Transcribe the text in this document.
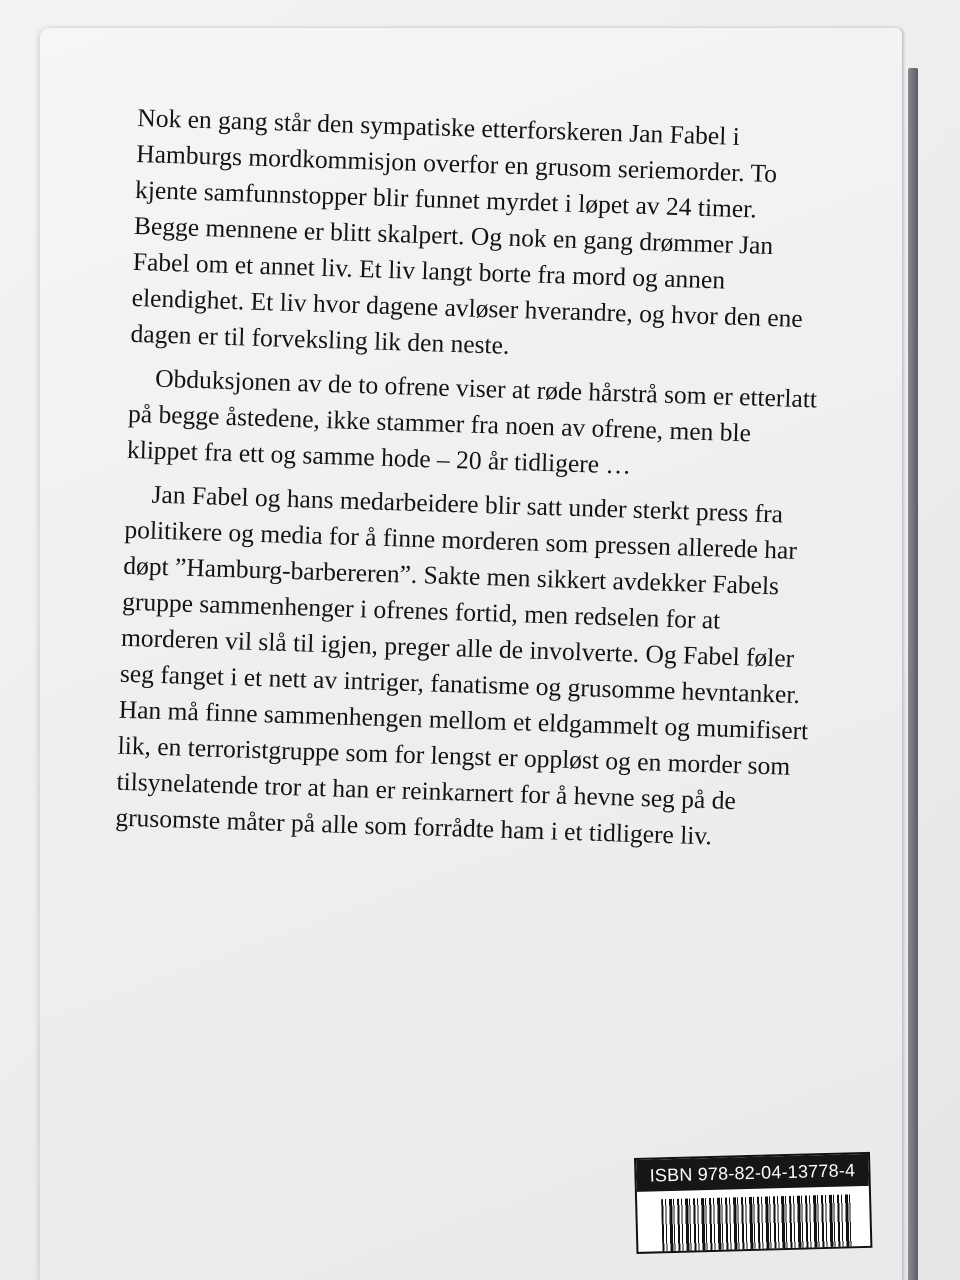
Nok en gang står den sympatiske etterforskeren Jan Fabel i Hamburgs mordkommisjon overfor en grusom seriemorder. To kjente samfunnstopper blir funnet myrdet i løpet av 24 timer. Begge mennene er blitt skalpert. Og nok en gang drømmer Jan Fabel om et annet liv. Et liv langt borte fra mord og annen elendighet. Et liv hvor dagene avløser hverandre, og hvor den ene dagen er til forveksling lik den neste.

Obduksjonen av de to ofrene viser at røde hårstrå som er etterlatt på begge åstedene, ikke stammer fra noen av ofrene, men ble klippet fra ett og samme hode – 20 år tidligere …

Jan Fabel og hans medarbeidere blir satt under sterkt press fra politikere og media for å finne morderen som pressen allerede har døpt ”Hamburg-barbereren”. Sakte men sikkert avdekker Fabels gruppe sammenhenger i ofrenes fortid, men redselen for at morderen vil slå til igjen, preger alle de involverte. Og Fabel føler seg fanget i et nett av intriger, fanatisme og grusomme hevntanker. Han må finne sammenhengen mellom et eldgammelt og mumifisert lik, en terroristgruppe som for lengst er oppløst og en morder som tilsynelatende tror at han er reinkarnert for å hevne seg på de grusomste måter på alle som forrådte ham i et tidligere liv.

ISBN 978-82-04-13778-4
